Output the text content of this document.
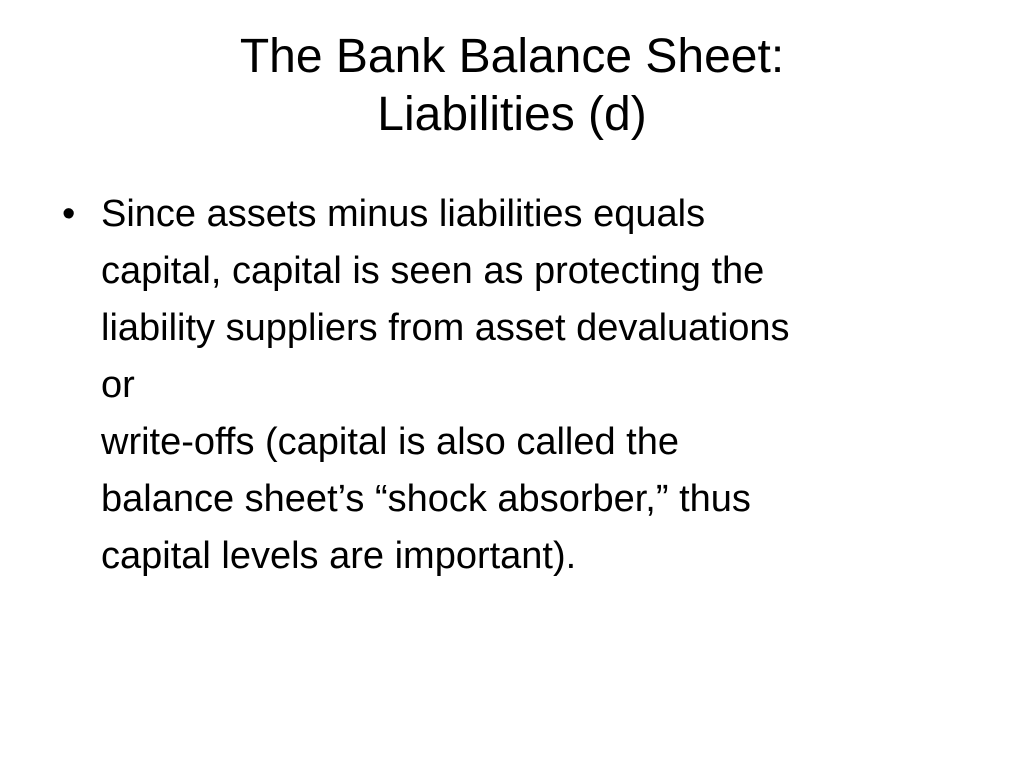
The Bank Balance Sheet:
Liabilities (d)
• Since assets minus liabilities equals
capital, capital is seen as protecting the
liability suppliers from asset devaluations
or
write-offs (capital is also called the
balance sheet’s “shock absorber,” thus
capital levels are important).
